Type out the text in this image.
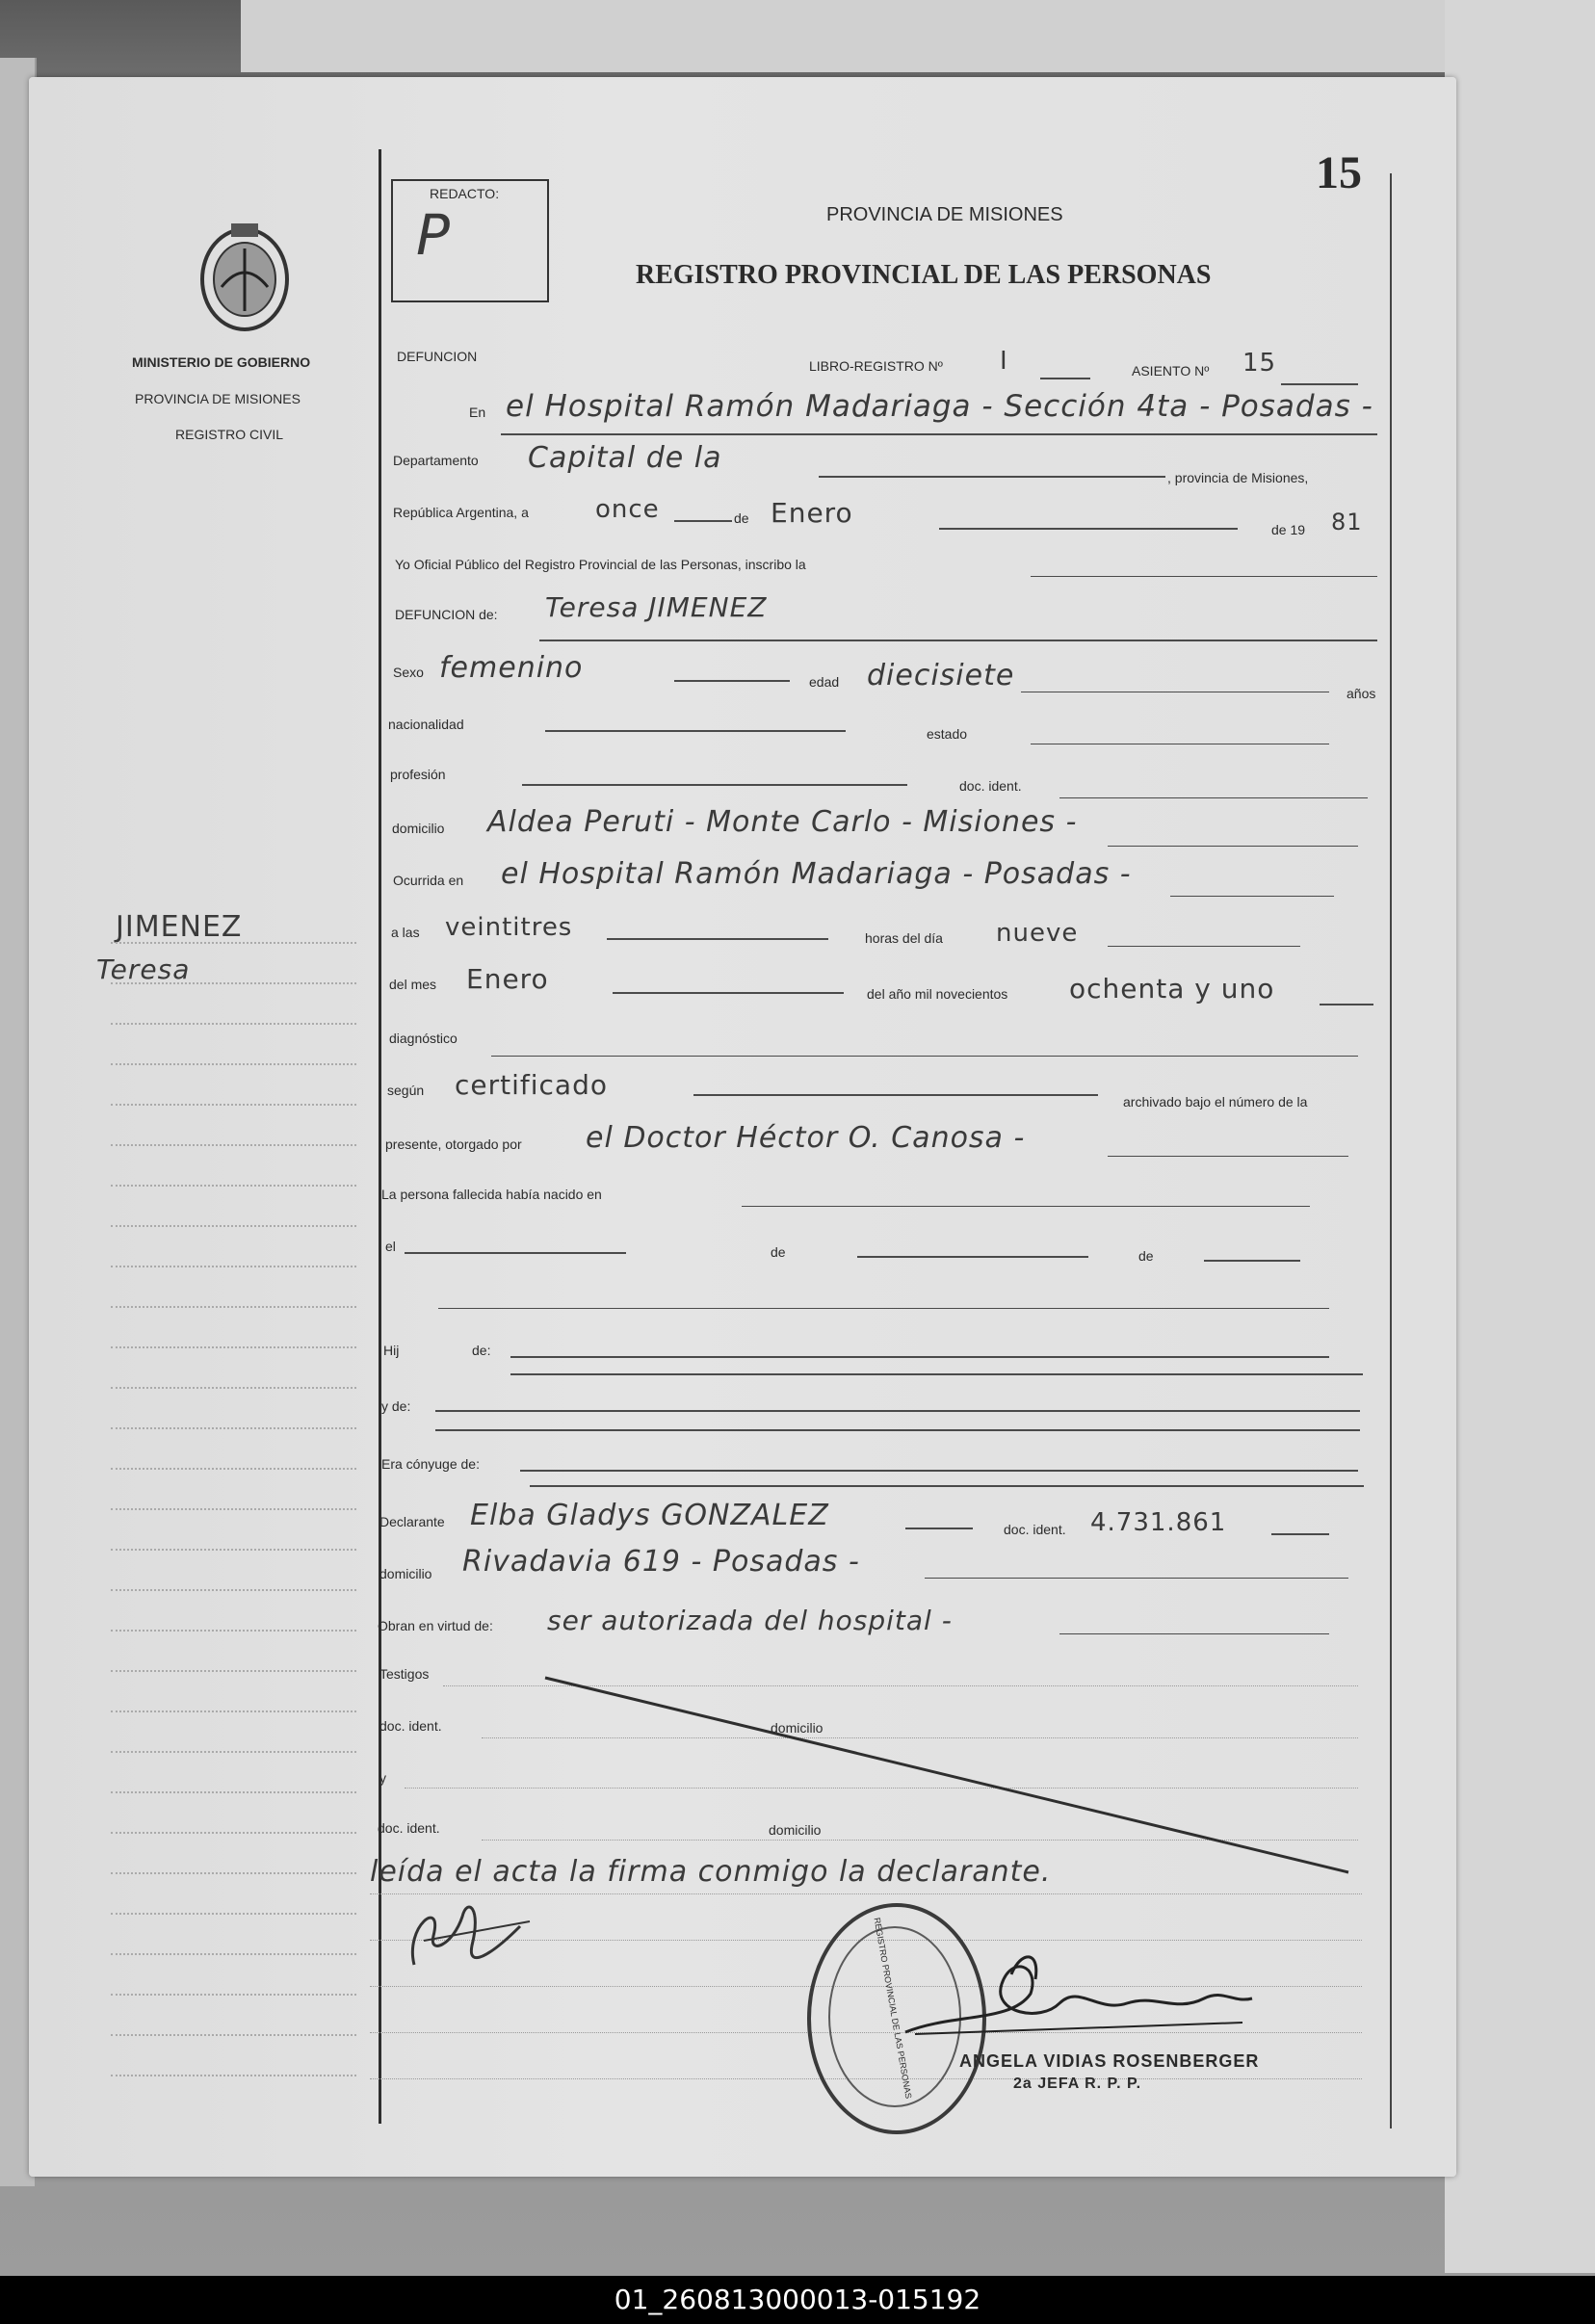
15
MINISTERIO DE GOBIERNO
PROVINCIA DE MISIONES
REGISTRO CIVIL
JIMENEZ
Teresa
REDACTO:
P	PROVINCIA DE MISIONES
REGISTRO PROVINCIAL DE LAS PERSONAS
DEFUNCION
LIBRO-REGISTRO Nº I	ASIENTO Nº 15
En el Hospital Ramón Madariaga - Sección 4ta - Posadas -
Departamento Capital de la
, provincia de Misiones,
República Argentina, a	once	de Enero
de 19 81
Yo Oficial Público del Registro Provincial de las Personas, inscribo la
DEFUNCION de: Teresa JIMENEZ
Sexo femenino	edad diecisiete
años
nacionalidad
estado
profesión
doc. ident.
domicilio Aldea Peruti - Monte Carlo - Misiones -
Ocurrida en el Hospital Ramón Madariaga - Posadas -
a las veintitres	horas del día nueve
del mes Enero	del año mil novecientos ochenta y uno
diagnóstico
según certificado
archivado bajo el número de la
presente, otorgado por el Doctor Héctor O. Canosa -
La persona fallecida había nacido en
el	de	de
Hij	de:
y de:
Era cónyuge de:
Declarante Elba Gladys GONZALEZ	doc. ident. 4.731.861
domicilio Rivadavia 619 - Posadas -
Obran en virtud de: ser autorizada del hospital -
Testigos
doc. ident.	domicilio
y
doc. ident.	domicilio
leída el acta la firma conmigo la declarante.
REGISTRO PROVINCIAL DE LAS PERSONAS	ANGELA VIDIAS ROSENBERGER
2a JEFA R. P. P.
01_260813000013-015192
